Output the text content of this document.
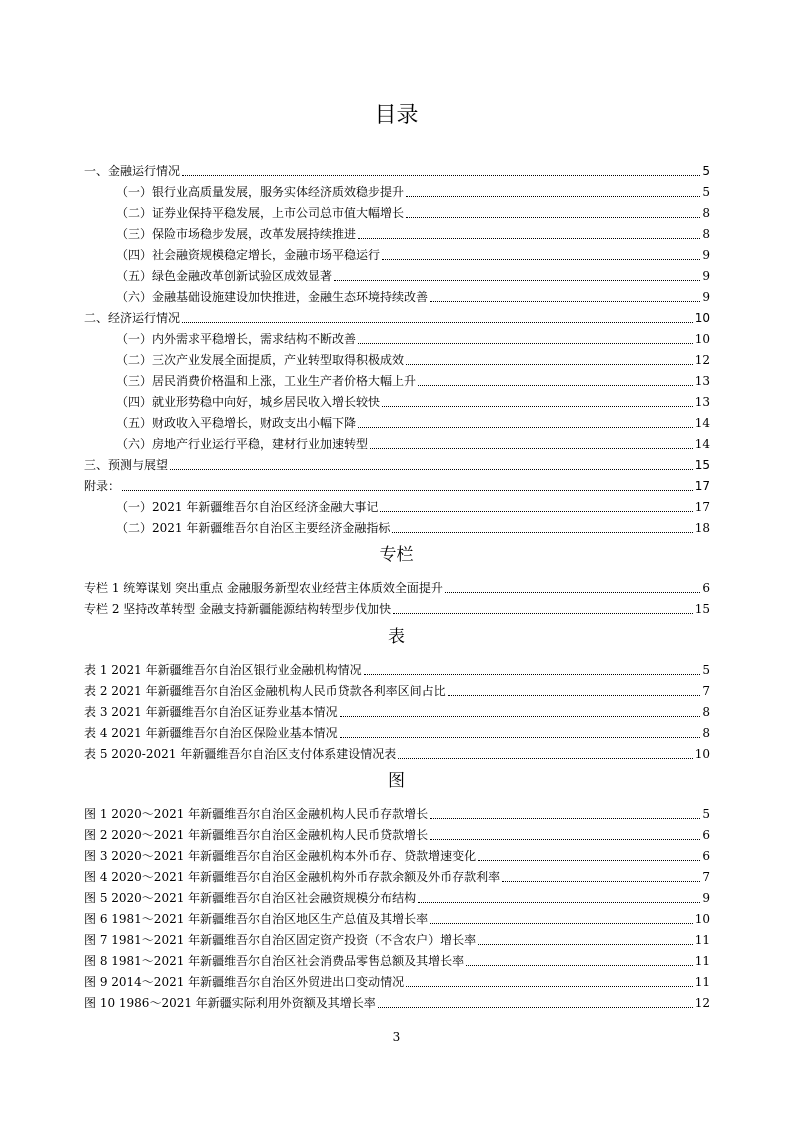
目录
一、金融运行情况	5
（一）银行业高质量发展，服务实体经济质效稳步提升	5
（二）证券业保持平稳发展，上市公司总市值大幅增长	8
（三）保险市场稳步发展，改革发展持续推进	8
（四）社会融资规模稳定增长，金融市场平稳运行	9
（五）绿色金融改革创新试验区成效显著	9
（六）金融基础设施建设加快推进，金融生态环境持续改善	9
二、经济运行情况	10
（一）内外需求平稳增长，需求结构不断改善	10
（二）三次产业发展全面提质，产业转型取得积极成效	12
（三）居民消费价格温和上涨，工业生产者价格大幅上升	13
（四）就业形势稳中向好，城乡居民收入增长较快	13
（五）财政收入平稳增长，财政支出小幅下降	14
（六）房地产行业运行平稳，建材行业加速转型	14
三、预测与展望	15
附录：	17
（一）2021 年新疆维吾尔自治区经济金融大事记	17
（二）2021 年新疆维吾尔自治区主要经济金融指标	18
专栏
专栏 1 统筹谋划 突出重点 金融服务新型农业经营主体质效全面提升	6
专栏 2 坚持改革转型 金融支持新疆能源结构转型步伐加快	15
表
表 1 2021 年新疆维吾尔自治区银行业金融机构情况	5
表 2 2021 年新疆维吾尔自治区金融机构人民币贷款各利率区间占比	7
表 3 2021 年新疆维吾尔自治区证券业基本情况	8
表 4 2021 年新疆维吾尔自治区保险业基本情况	8
表 5 2020-2021 年新疆维吾尔自治区支付体系建设情况表	10
图
图 1 2020～2021 年新疆维吾尔自治区金融机构人民币存款增长	5
图 2 2020～2021 年新疆维吾尔自治区金融机构人民币贷款增长	6
图 3 2020～2021 年新疆维吾尔自治区金融机构本外币存、贷款增速变化	6
图 4 2020～2021 年新疆维吾尔自治区金融机构外币存款余额及外币存款利率	7
图 5 2020～2021 年新疆维吾尔自治区社会融资规模分布结构	9
图 6 1981～2021 年新疆维吾尔自治区地区生产总值及其增长率	10
图 7 1981～2021 年新疆维吾尔自治区固定资产投资（不含农户）增长率	11
图 8 1981～2021 年新疆维吾尔自治区社会消费品零售总额及其增长率	11
图 9 2014～2021 年新疆维吾尔自治区外贸进出口变动情况	11
图 10 1986～2021 年新疆实际利用外资额及其增长率	12
3
